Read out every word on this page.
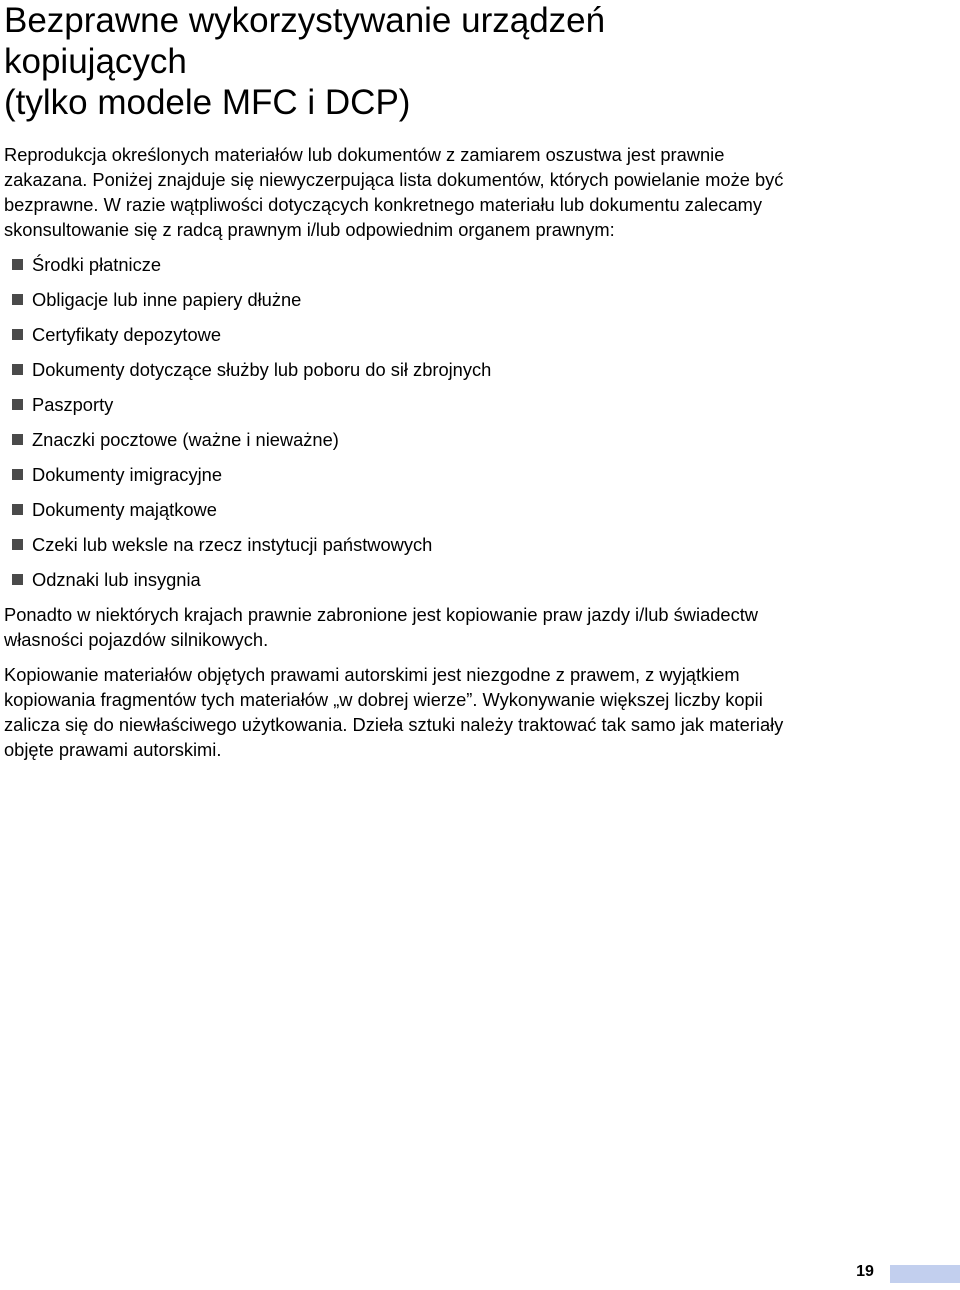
Bezprawne wykorzystywanie urządzeń
kopiujących
(tylko modele MFC i DCP)

Reprodukcja określonych materiałów lub dokumentów z zamiarem oszustwa jest prawnie
zakazana. Poniżej znajduje się niewyczerpująca lista dokumentów, których powielanie może być
bezprawne. W razie wątpliwości dotyczących konkretnego materiału lub dokumentu zalecamy
skonsultowanie się z radcą prawnym i/lub odpowiednim organem prawnym:

Środki płatnicze
Obligacje lub inne papiery dłużne
Certyfikaty depozytowe
Dokumenty dotyczące służby lub poboru do sił zbrojnych
Paszporty
Znaczki pocztowe (ważne i nieważne)
Dokumenty imigracyjne
Dokumenty majątkowe
Czeki lub weksle na rzecz instytucji państwowych
Odznaki lub insygnia

Ponadto w niektórych krajach prawnie zabronione jest kopiowanie praw jazdy i/lub świadectw
własności pojazdów silnikowych.

Kopiowanie materiałów objętych prawami autorskimi jest niezgodne z prawem, z wyjątkiem
kopiowania fragmentów tych materiałów „w dobrej wierze”. Wykonywanie większej liczby kopii
zalicza się do niewłaściwego użytkowania. Dzieła sztuki należy traktować tak samo jak materiały
objęte prawami autorskimi.

19
